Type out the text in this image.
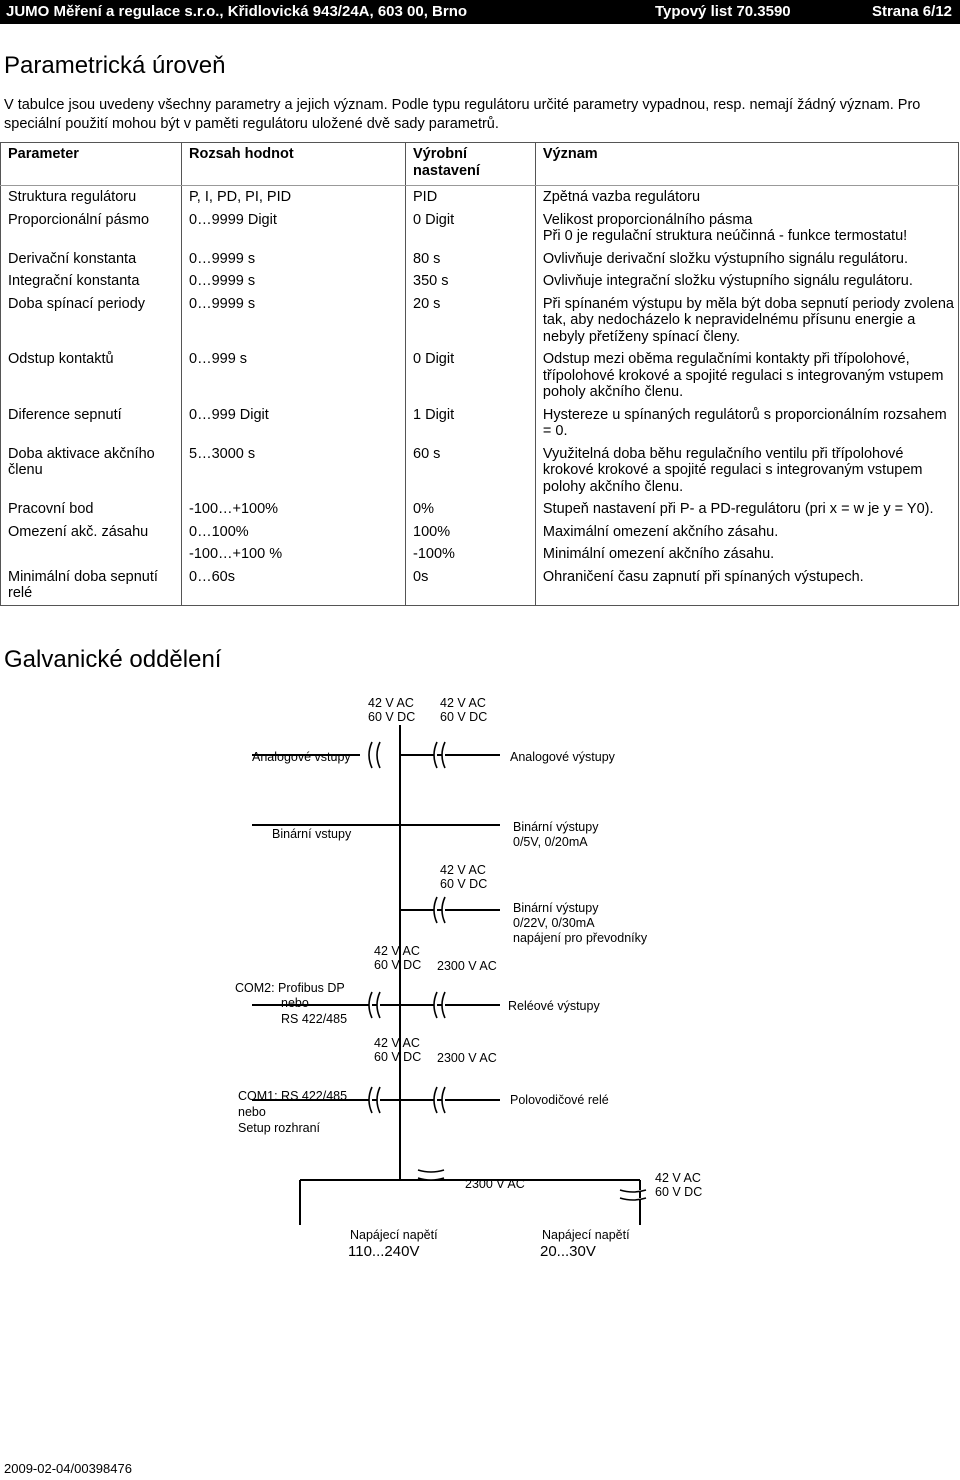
JUMO Měření a regulace s.r.o., Křidlovická 943/24A, 603 00, Brno	Typový list 70.3590	Strana 6/12
Parametrická úroveň

V tabulce jsou uvedeny všechny parametry a jejich význam. Podle typu regulátoru určité parametry vypadnou, resp. nemají žádný význam. Pro speciální použití mohou být v paměti regulátoru uložené dvě sady parametrů.

Parameter	Rozsah hodnot	Výrobní nastavení	Význam
Struktura regulátoru	P, I, PD, PI, PID	PID	Zpětná vazba regulátoru
Proporcionální pásmo	0…9999 Digit	0 Digit	Velikost proporcionálního pásma
Při 0 je regulační struktura neúčinná - funkce termostatu!
Derivační konstanta	0…9999 s	80 s	Ovlivňuje derivační složku výstupního signálu regulátoru.
Integrační konstanta	0…9999 s	350 s	Ovlivňuje integrační složku výstupního signálu regulátoru.
Doba spínací periody	0…9999 s	20 s	Při spínaném výstupu by měla být doba sepnutí periody zvolena tak, aby nedocházelo k nepravidelnému přísunu energie a nebyly přetíženy spínací členy.
Odstup kontaktů	0…999 s	0 Digit	Odstup mezi oběma regulačními kontakty při třípolohové, třípolohové krokové a spojité regulaci s integrovaným vstupem poholy akčního členu.
Diference sepnutí	0…999 Digit	1 Digit	Hystereze u spínaných regulátorů s proporcionálním rozsahem = 0.
Doba aktivace akčního členu	5…3000 s	60 s	Využitelná doba běhu regulačního ventilu při třípolohové krokové krokové a spojité regulaci s integrovaným vstupem polohy akčního členu.
Pracovní bod	-100…+100%	0%	Stupeň nastavení při P- a PD-regulátoru (pri x = w je y = Y0).
Omezení akč. zásahu	0…100%	100%	Maximální omezení akčního zásahu.
	-100…+100 %	-100%	Minimální omezení akčního zásahu.
Minimální doba sepnutí relé	0…60s	0s	Ohraničení času zapnutí při spínaných výstupech.
Galvanické oddělení
42 V AC
60 V DC
42 V AC
60 V DC
Analogové vstupy	Analogové výstupy
Binární vstupy	Binární výstupy
0/5V, 0/20mA
42 V AC
60 V DC
Binární výstupy
0/22V, 0/30mA
napájení pro převodníky
42 V AC
60 V DC 2300 V AC
COM2: Profibus DP
nebo
RS 422/485
Reléové výstupy
42 V AC
60 V DC 2300 V AC
COM1: RS 422/485
nebo
Setup rozhraní
Polovodičové relé
2300 V AC	42 V AC
60 V DC
Napájecí napětí
110...240V
Napájecí napětí
20...30V
2009-02-04/00398476
